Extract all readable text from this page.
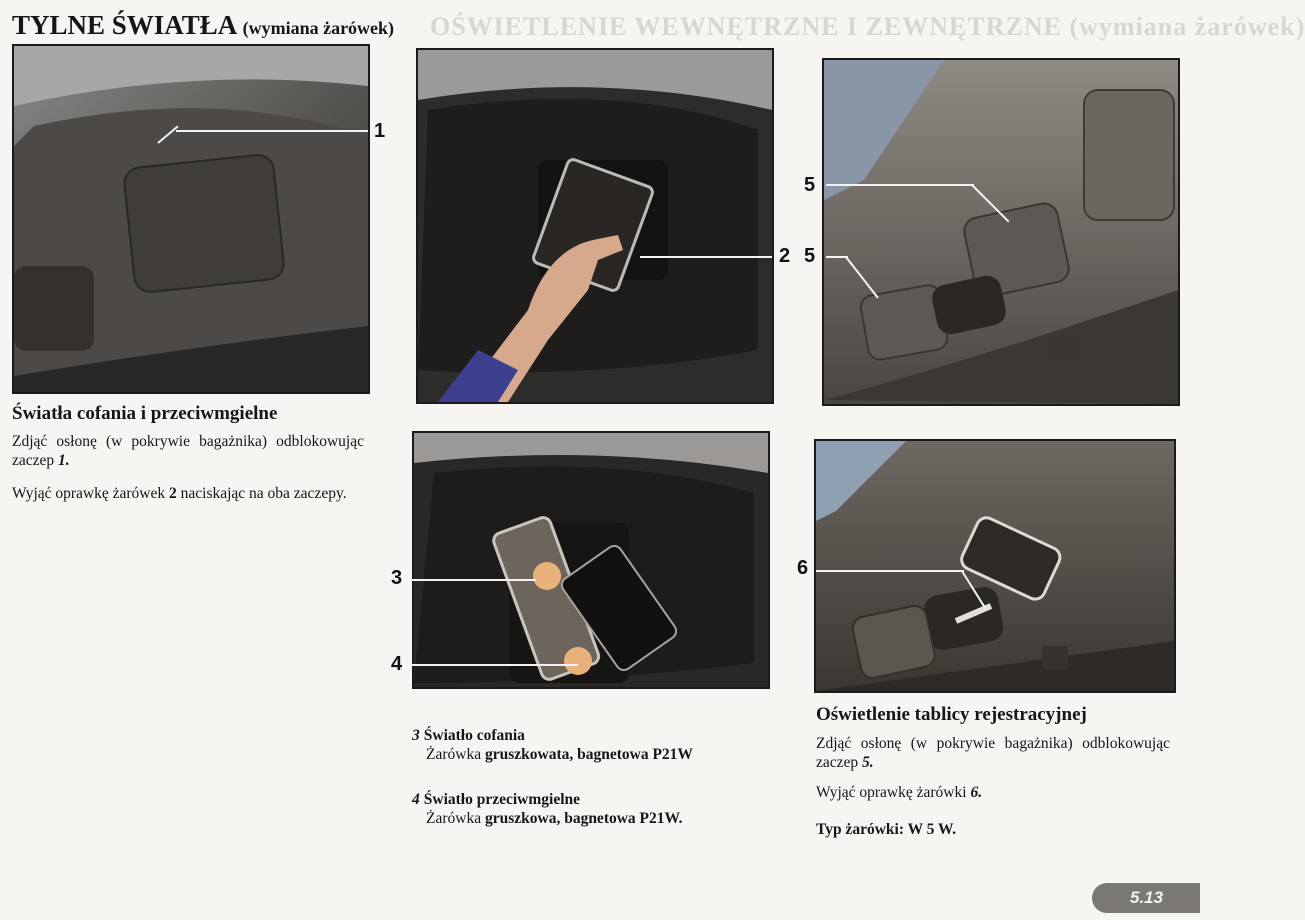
OŚWIETLENIE WEWNĘTRZNE I ZEWNĘTRZNE (wymiana żarówek)
TYLNE ŚWIATŁA (wymiana żarówek)
1
2
5
5
3
4
6
Światła cofania i przeciwmgielne
Zdjąć osłonę (w pokrywie bagażnika) odblokowując zaczep 1.
Wyjąć oprawkę żarówek 2 naciskając na oba zaczepy.
3 Światło cofania
Żarówka gruszkowata, bagnetowa P21W
4 Światło przeciwmgielne
Żarówka gruszkowa, bagnetowa P21W.
Oświetlenie tablicy rejestracyjnej
Zdjąć osłonę (w pokrywie bagażnika) odblokowując zaczep 5.
Wyjąć oprawkę żarówki 6.
Typ żarówki: W 5 W.
5.13
